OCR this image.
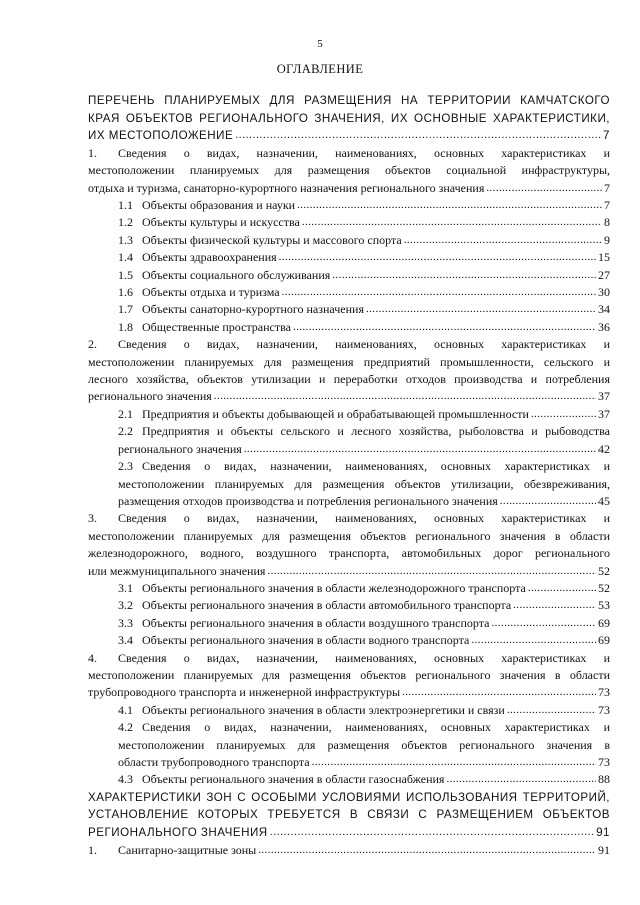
5
ОГЛАВЛЕНИЕ
ПЕРЕЧЕНЬ ПЛАНИРУЕМЫХ ДЛЯ РАЗМЕЩЕНИЯ НА ТЕРРИТОРИИ КАМЧАТСКОГО
КРАЯ ОБЪЕКТОВ РЕГИОНАЛЬНОГО ЗНАЧЕНИЯ, ИХ ОСНОВНЫЕ ХАРАКТЕРИСТИКИ,
ИХ МЕСТОПОЛОЖЕНИЕ .....	7
1. Сведения о видах, назначении, наименованиях, основных характеристиках и
местоположении планируемых для размещения объектов социальной инфраструктуры,
отдыха и туризма, санаторно-курортного назначения регионального значения .....	7
1.1 Объекты образования и науки .....	7
1.2 Объекты культуры и искусства .....	8
1.3 Объекты физической культуры и массового спорта .....	9
1.4 Объекты здравоохранения .....	15
1.5 Объекты социального обслуживания .....	27
1.6 Объекты отдыха и туризма .....	30
1.7 Объекты санаторно-курортного назначения .....	34
1.8 Общественные пространства .....	36
2. Сведения о видах, назначении, наименованиях, основных характеристиках и
местоположении планируемых для размещения предприятий промышленности, сельского и
лесного хозяйства, объектов утилизации и переработки отходов производства и потребления
регионального значения .....	37
2.1 Предприятия и объекты добывающей и обрабатывающей промышленности .....	37
2.2 Предприятия и объекты сельского и лесного хозяйства, рыболовства и рыбоводства
регионального значения .....	42
2.3 Сведения о видах, назначении, наименованиях, основных характеристиках и
местоположении планируемых для размещения объектов утилизации, обезвреживания,
размещения отходов производства и потребления регионального значения .....	45
3. Сведения о видах, назначении, наименованиях, основных характеристиках и
местоположении планируемых для размещения объектов регионального значения в области
железнодорожного, водного, воздушного транспорта, автомобильных дорог регионального
или межмуниципального значения .....	52
3.1 Объекты регионального значения в области железнодорожного транспорта .....	52
3.2 Объекты регионального значения в области автомобильного транспорта .....	53
3.3 Объекты регионального значения в области воздушного транспорта .....	69
3.4 Объекты регионального значения в области водного транспорта .....	69
4. Сведения о видах, назначении, наименованиях, основных характеристиках и
местоположении планируемых для размещения объектов регионального значения в области
трубопроводного транспорта и инженерной инфраструктуры .....	73
4.1 Объекты регионального значения в области электроэнергетики и связи .....	73
4.2 Сведения о видах, назначении, наименованиях, основных характеристиках и
местоположении планируемых для размещения объектов регионального значения в
области трубопроводного транспорта .....	73
4.3 Объекты регионального значения в области газоснабжения .....	88
ХАРАКТЕРИСТИКИ ЗОН С ОСОБЫМИ УСЛОВИЯМИ ИСПОЛЬЗОВАНИЯ ТЕРРИТОРИЙ,
УСТАНОВЛЕНИЕ КОТОРЫХ ТРЕБУЕТСЯ В СВЯЗИ С РАЗМЕЩЕНИЕМ ОБЪЕКТОВ
РЕГИОНАЛЬНОГО ЗНАЧЕНИЯ .....	91
1. Санитарно-защитные зоны .....	91
